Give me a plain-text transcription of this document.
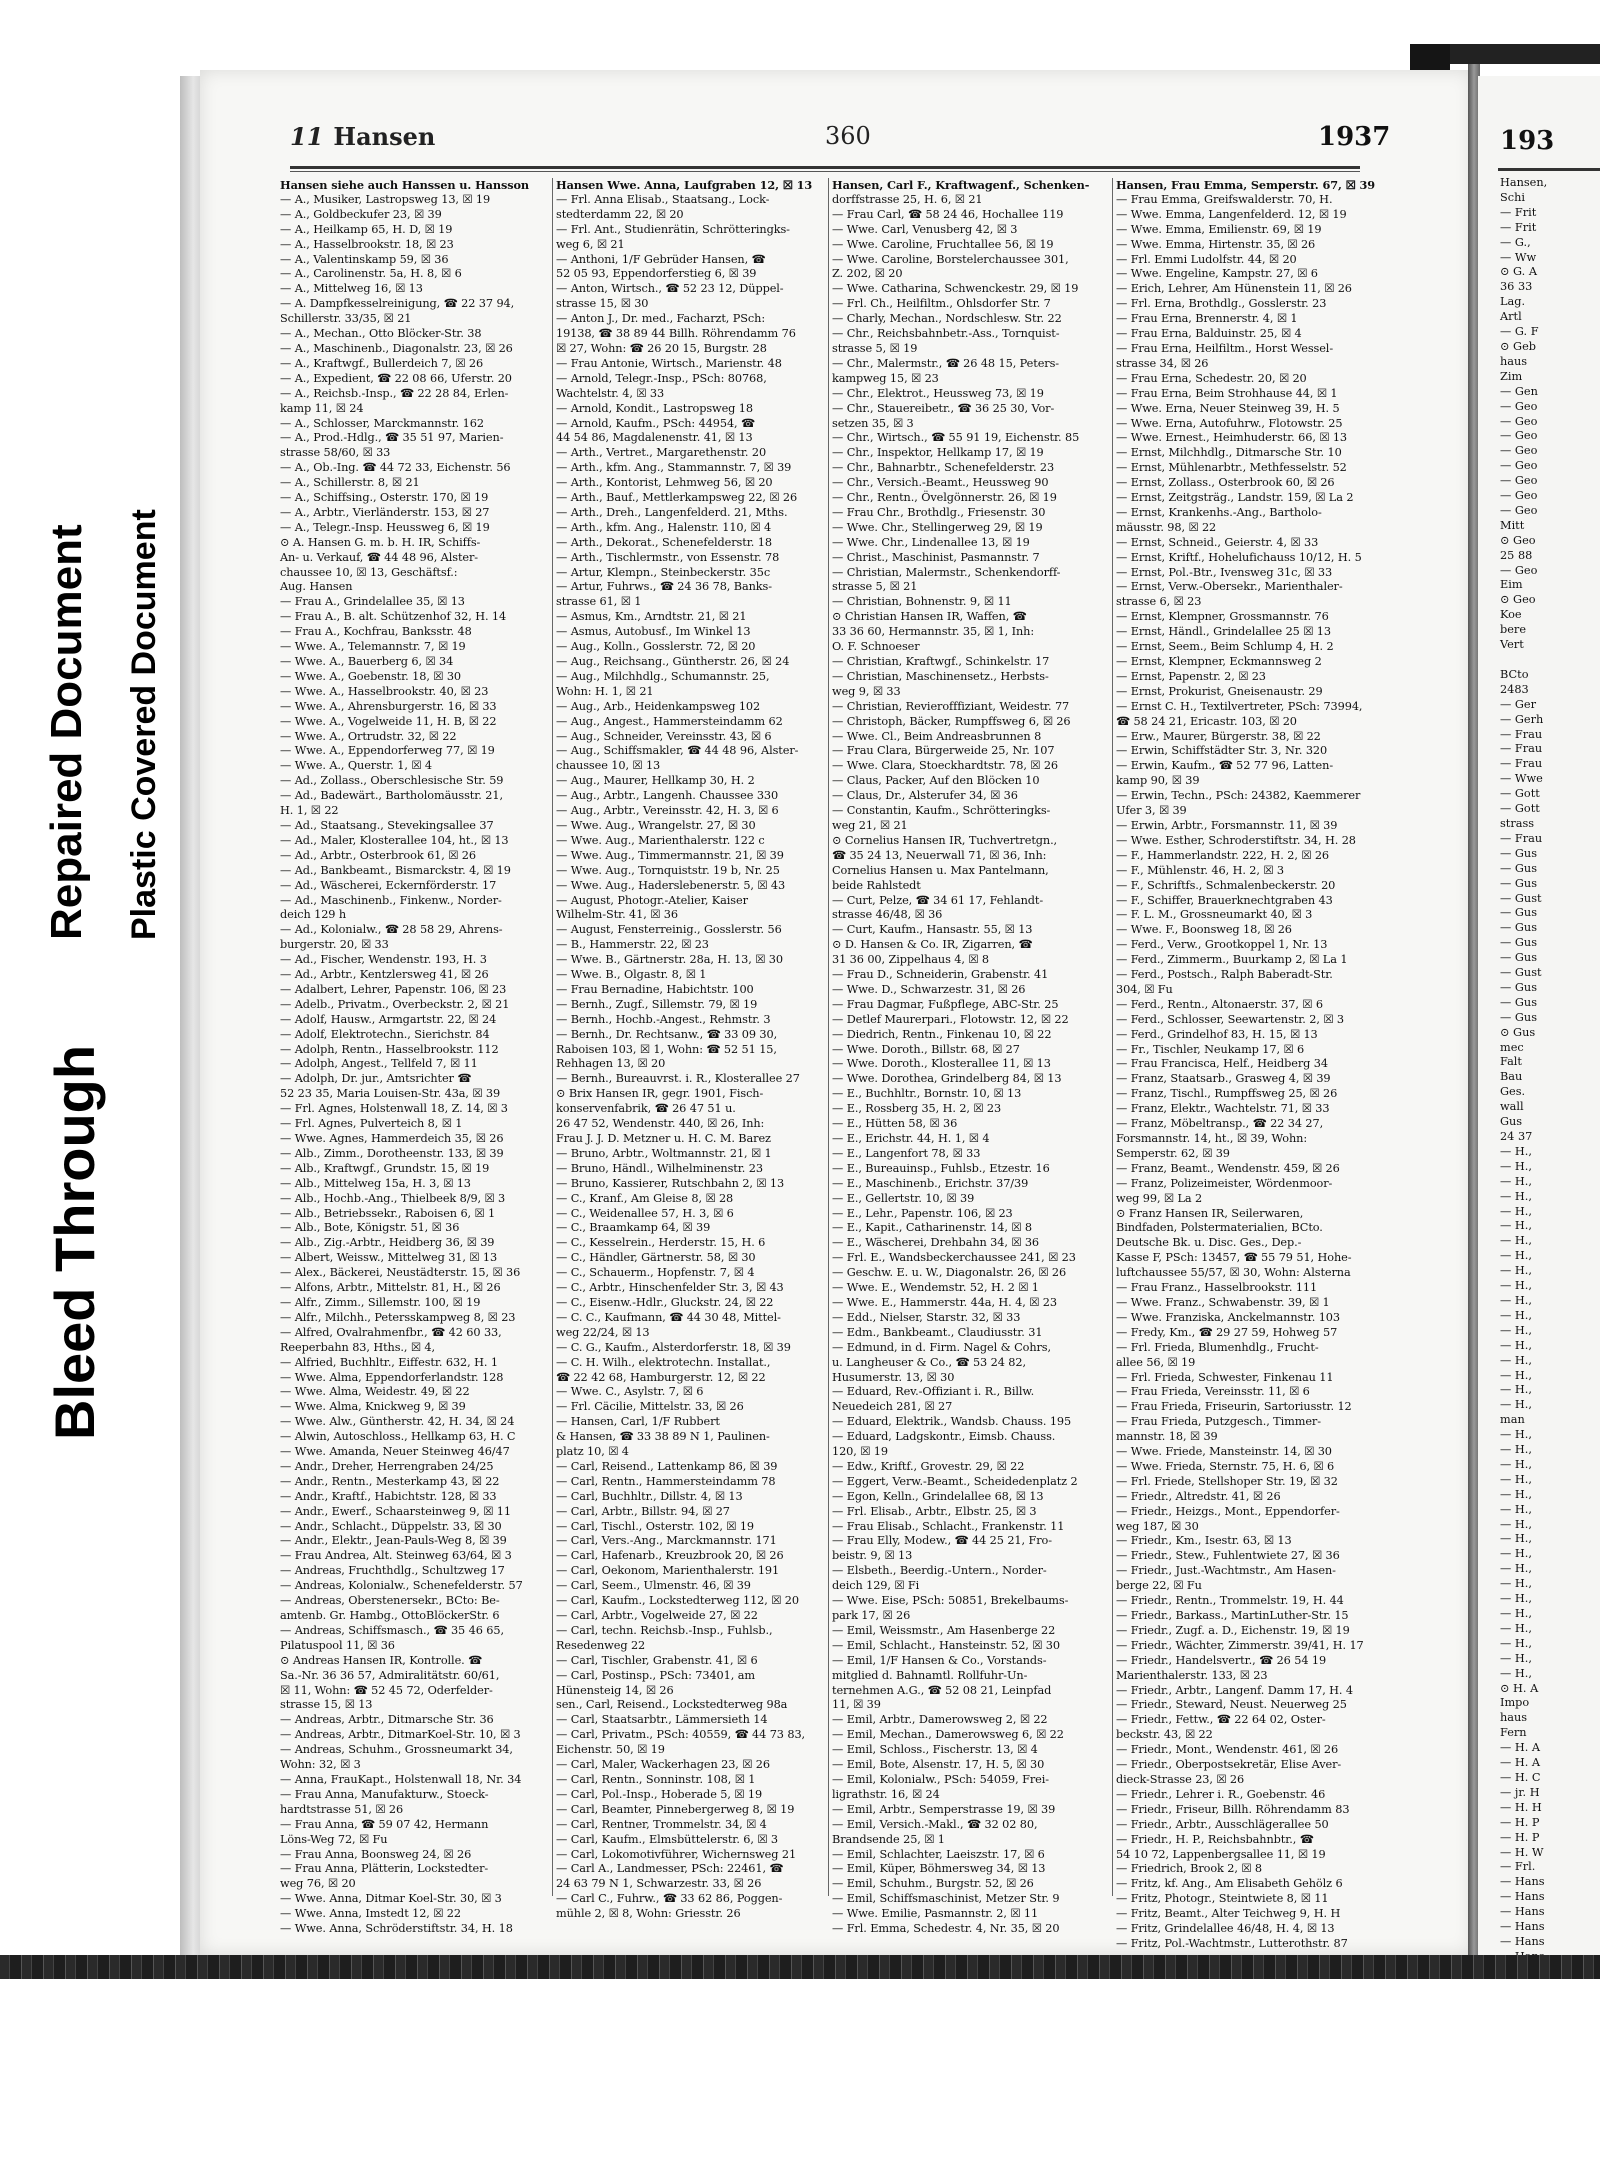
Bleed Through
Repaired Document Plastic Covered Document
11 Hansen	360	1937
Hansen siehe auch Hanssen u. Hansson
— A., Musiker, Lastropsweg 13, ☒ 19
— A., Goldbeckufer 23, ☒ 39
— A., Heilkamp 65, H. D, ☒ 19
— A., Hasselbrookstr. 18, ☒ 23
— A., Valentinskamp 59, ☒ 36
— A., Carolinenstr. 5a, H. 8, ☒ 6
— A., Mittelweg 16, ☒ 13
— A. Dampfkesselreinigung, ☎ 22 37 94,
Schillerstr. 33/35, ☒ 21
— A., Mechan., Otto Blöcker-Str. 38
— A., Maschinenb., Diagonalstr. 23, ☒ 26
— A., Kraftwgf., Bullerdeich 7, ☒ 26
— A., Expedient, ☎ 22 08 66, Uferstr. 20
— A., Reichsb.-Insp., ☎ 22 28 84, Erlen-
kamp 11, ☒ 24
— A., Schlosser, Marckmannstr. 162
— A., Prod.-Hdlg., ☎ 35 51 97, Marien-
strasse 58/60, ☒ 33
— A., Ob.-Ing. ☎ 44 72 33, Eichenstr. 56
— A., Schillerstr. 8, ☒ 21
— A., Schiffsing., Osterstr. 170, ☒ 19
— A., Arbtr., Vierländerstr. 153, ☒ 27
— A., Telegr.-Insp. Heussweg 6, ☒ 19
⊙ A. Hansen G. m. b. H. IR, Schiffs-
An- u. Verkauf, ☎ 44 48 96, Alster-
chaussee 10, ☒ 13, Geschäftsf.:
Aug. Hansen
— Frau A., Grindelallee 35, ☒ 13
— Frau A., B. alt. Schützenhof 32, H. 14
— Frau A., Kochfrau, Banksstr. 48
— Wwe. A., Telemannstr. 7, ☒ 19
— Wwe. A., Bauerberg 6, ☒ 34
— Wwe. A., Goebenstr. 18, ☒ 30
— Wwe. A., Hasselbrookstr. 40, ☒ 23
— Wwe. A., Ahrensburgerstr. 16, ☒ 33
— Wwe. A., Vogelweide 11, H. B, ☒ 22
— Wwe. A., Ortrudstr. 32, ☒ 22
— Wwe. A., Eppendorferweg 77, ☒ 19
— Wwe. A., Querstr. 1, ☒ 4
— Ad., Zollass., Oberschlesische Str. 59
— Ad., Badewärt., Bartholomäusstr. 21,
H. 1, ☒ 22
— Ad., Staatsang., Stevekingsallee 37
— Ad., Maler, Klosterallee 104, ht., ☒ 13
— Ad., Arbtr., Osterbrook 61, ☒ 26
— Ad., Bankbeamt., Bismarckstr. 4, ☒ 19
— Ad., Wäscherei, Eckernförderstr. 17
— Ad., Maschinenb., Finkenw., Norder-
deich 129 h
— Ad., Kolonialw., ☎ 28 58 29, Ahrens-
burgerstr. 20, ☒ 33
— Ad., Fischer, Wendenstr. 193, H. 3
— Ad., Arbtr., Kentzlersweg 41, ☒ 26
— Adalbert, Lehrer, Papenstr. 106, ☒ 23
— Adelb., Privatm., Overbeckstr. 2, ☒ 21
— Adolf, Hausw., Armgartstr. 22, ☒ 24
— Adolf, Elektrotechn., Sierichstr. 84
— Adolph, Rentn., Hasselbrookstr. 112
— Adolph, Angest., Tellfeld 7, ☒ 11
— Adolph, Dr. jur., Amtsrichter ☎
52 23 35, Maria Louisen-Str. 43a, ☒ 39
— Frl. Agnes, Holstenwall 18, Z. 14, ☒ 3
— Frl. Agnes, Pulverteich 8, ☒ 1
— Wwe. Agnes, Hammerdeich 35, ☒ 26
— Alb., Zimm., Dorotheenstr. 133, ☒ 39
— Alb., Kraftwgf., Grundstr. 15, ☒ 19
— Alb., Mittelweg 15a, H. 3, ☒ 13
— Alb., Hochb.-Ang., Thielbeek 8/9, ☒ 3
— Alb., Betriebssekr., Raboisen 6, ☒ 1
— Alb., Bote, Königstr. 51, ☒ 36
— Alb., Zig.-Arbtr., Heidberg 36, ☒ 39
— Albert, Weissw., Mittelweg 31, ☒ 13
— Alex., Bäckerei, Neustädterstr. 15, ☒ 36
— Alfons, Arbtr., Mittelstr. 81, H., ☒ 26
— Alfr., Zimm., Sillemstr. 100, ☒ 19
— Alfr., Milchh., Petersskampweg 8, ☒ 23
— Alfred, Ovalrahmenfbr., ☎ 42 60 33,
Reeperbahn 83, Hths., ☒ 4,
— Alfried, Buchhltr., Eiffestr. 632, H. 1
— Wwe. Alma, Eppendorferlandstr. 128
— Wwe. Alma, Weidestr. 49, ☒ 22
— Wwe. Alma, Knickweg 9, ☒ 39
— Wwe. Alw., Güntherstr. 42, H. 34, ☒ 24
— Alwin, Autoschloss., Hellkamp 63, H. C
— Wwe. Amanda, Neuer Steinweg 46/47
— Andr., Dreher, Herrengraben 24/25
— Andr., Rentn., Mesterkamp 43, ☒ 22
— Andr., Kraftf., Habichtstr. 128, ☒ 33
— Andr., Ewerf., Schaarsteinweg 9, ☒ 11
— Andr., Schlacht., Düppelstr. 33, ☒ 30
— Andr., Elektr., Jean-Pauls-Weg 8, ☒ 39
— Frau Andrea, Alt. Steinweg 63/64, ☒ 3
— Andreas, Fruchthdlg., Schultzweg 17
— Andreas, Kolonialw., Schenefelderstr. 57
— Andreas, Oberstenersekr., BCto: Be-
amtenb. Gr. Hambg., OttoBlöckerStr. 6
— Andreas, Schiffsmasch., ☎ 35 46 65,
Pilatuspool 11, ☒ 36
⊙ Andreas Hansen IR, Kontrolle. ☎
Sa.-Nr. 36 36 57, Admiralitätstr. 60/61,
☒ 11, Wohn: ☎ 52 45 72, Oderfelder-
strasse 15, ☒ 13
— Andreas, Arbtr., Ditmarsche Str. 36
— Andreas, Arbtr., DitmarKoel-Str. 10, ☒ 3
— Andreas, Schuhm., Grossneumarkt 34,
Wohn: 32, ☒ 3
— Anna, FrauKapt., Holstenwall 18, Nr. 34
— Frau Anna, Manufakturw., Stoeck-
hardtstrasse 51, ☒ 26
— Frau Anna, ☎ 59 07 42, Hermann
Löns-Weg 72, ☒ Fu
— Frau Anna, Boonsweg 24, ☒ 26
— Frau Anna, Plätterin, Lockstedter-
weg 76, ☒ 20
— Wwe. Anna, Ditmar Koel-Str. 30, ☒ 3
— Wwe. Anna, Imstedt 12, ☒ 22
— Wwe. Anna, Schröderstiftstr. 34, H. 18
Hansen Wwe. Anna, Laufgraben 12, ☒ 13
— Frl. Anna Elisab., Staatsang., Lock-
stedterdamm 22, ☒ 20
— Frl. Ant., Studienrätin, Schrötteringks-
weg 6, ☒ 21
— Anthoni, 1/F Gebrüder Hansen, ☎
52 05 93, Eppendorferstieg 6, ☒ 39
— Anton, Wirtsch., ☎ 52 23 12, Düppel-
strasse 15, ☒ 30
— Anton J., Dr. med., Facharzt, PSch:
19138, ☎ 38 89 44 Billh. Röhrendamm 76
☒ 27, Wohn: ☎ 26 20 15, Burgstr. 28
— Frau Antonie, Wirtsch., Marienstr. 48
— Arnold, Telegr.-Insp., PSch: 80768,
Wachtelstr. 4, ☒ 33
— Arnold, Kondit., Lastropsweg 18
— Arnold, Kaufm., PSch: 44954, ☎
44 54 86, Magdalenenstr. 41, ☒ 13
— Arth., Vertret., Margarethenstr. 20
— Arth., kfm. Ang., Stammannstr. 7, ☒ 39
— Arth., Kontorist, Lehmweg 56, ☒ 20
— Arth., Bauf., Mettlerkampsweg 22, ☒ 26
— Arth., Dreh., Langenfelderd. 21, Mths.
— Arth., kfm. Ang., Halenstr. 110, ☒ 4
— Arth., Dekorat., Schenefelderstr. 18
— Arth., Tischlermstr., von Essenstr. 78
— Artur, Klempn., Steinbeckerstr. 35c
— Artur, Fuhrws., ☎ 24 36 78, Banks-
strasse 61, ☒ 1
— Asmus, Km., Arndtstr. 21, ☒ 21
— Asmus, Autobusf., Im Winkel 13
— Aug., Kolln., Gosslerstr. 72, ☒ 20
— Aug., Reichsang., Güntherstr. 26, ☒ 24
— Aug., Milchhdlg., Schumannstr. 25,
Wohn: H. 1, ☒ 21
— Aug., Arb., Heidenkampsweg 102
— Aug., Angest., Hammersteindamm 62
— Aug., Schneider, Vereinsstr. 43, ☒ 6
— Aug., Schiffsmakler, ☎ 44 48 96, Alster-
chaussee 10, ☒ 13
— Aug., Maurer, Hellkamp 30, H. 2
— Aug., Arbtr., Langenh. Chaussee 330
— Aug., Arbtr., Vereinsstr. 42, H. 3, ☒ 6
— Wwe. Aug., Wrangelstr. 27, ☒ 30
— Wwe. Aug., Marienthalerstr. 122 c
— Wwe. Aug., Timmermannstr. 21, ☒ 39
— Wwe. Aug., Tornquiststr. 19 b, Nr. 25
— Wwe. Aug., Haderslebenerstr. 5, ☒ 43
— August, Photogr.-Atelier, Kaiser
Wilhelm-Str. 41, ☒ 36
— August, Fensterreinig., Gosslerstr. 56
— B., Hammerstr. 22, ☒ 23
— Wwe. B., Gärtnerstr. 28a, H. 13, ☒ 30
— Wwe. B., Olgastr. 8, ☒ 1
— Frau Bernadine, Habichtstr. 100
— Bernh., Zugf., Sillemstr. 79, ☒ 19
— Bernh., Hochb.-Angest., Rehmstr. 3
— Bernh., Dr. Rechtsanw., ☎ 33 09 30,
Raboisen 103, ☒ 1, Wohn: ☎ 52 51 15,
Rehhagen 13, ☒ 20
— Bernh., Bureauvrst. i. R., Klosterallee 27
⊙ Brix Hansen IR, gegr. 1901, Fisch-
konservenfabrik, ☎ 26 47 51 u.
26 47 52, Wendenstr. 440, ☒ 26, Inh:
Frau J. J. D. Metzner u. H. C. M. Barez
— Bruno, Arbtr., Woltmannstr. 21, ☒ 1
— Bruno, Händl., Wilhelminenstr. 23
— Bruno, Kassierer, Rutschbahn 2, ☒ 13
— C., Kranf., Am Gleise 8, ☒ 28
— C., Weidenallee 57, H. 3, ☒ 6
— C., Braamkamp 64, ☒ 39
— C., Kesselrein., Herderstr. 15, H. 6
— C., Händler, Gärtnerstr. 58, ☒ 30
— C., Schauerm., Hopfenstr. 7, ☒ 4
— C., Arbtr., Hinschenfelder Str. 3, ☒ 43
— C., Eisenw.-Hdlr., Gluckstr. 24, ☒ 22
— C. C., Kaufmann, ☎ 44 30 48, Mittel-
weg 22/24, ☒ 13
— C. G., Kaufm., Alsterdorferstr. 18, ☒ 39
— C. H. Wilh., elektrotechn. Installat.,
☎ 22 42 68, Hamburgerstr. 12, ☒ 22
— Wwe. C., Asylstr. 7, ☒ 6
— Frl. Cäcilie, Mittelstr. 33, ☒ 26
— Hansen, Carl, 1/F Rubbert
& Hansen, ☎ 33 38 89 N 1, Paulinen-
platz 10, ☒ 4
— Carl, Reisend., Lattenkamp 86, ☒ 39
— Carl, Rentn., Hammersteindamm 78
— Carl, Buchhltr., Dillstr. 4, ☒ 13
— Carl, Arbtr., Billstr. 94, ☒ 27
— Carl, Tischl., Osterstr. 102, ☒ 19
— Carl, Vers.-Ang., Marckmannstr. 171
— Carl, Hafenarb., Kreuzbrook 20, ☒ 26
— Carl, Oekonom, Marienthalerstr. 191
— Carl, Seem., Ulmenstr. 46, ☒ 39
— Carl, Kaufm., Lockstedterweg 112, ☒ 20
— Carl, Arbtr., Vogelweide 27, ☒ 22
— Carl, techn. Reichsb.-Insp., Fuhlsb.,
Resedenweg 22
— Carl, Tischler, Grabenstr. 41, ☒ 6
— Carl, Postinsp., PSch: 73401, am
Hünensteig 14, ☒ 26
sen., Carl, Reisend., Lockstedterweg 98a
— Carl, Staatsarbtr., Lämmersieth 14
— Carl, Privatm., PSch: 40559, ☎ 44 73 83,
Eichenstr. 50, ☒ 19
— Carl, Maler, Wackerhagen 23, ☒ 26
— Carl, Rentn., Sonninstr. 108, ☒ 1
— Carl, Pol.-Insp., Hoberade 5, ☒ 19
— Carl, Beamter, Pinnebergerweg 8, ☒ 19
— Carl, Rentner, Trommelstr. 34, ☒ 4
— Carl, Kaufm., Elmsbüttelerstr. 6, ☒ 3
— Carl, Lokomotivführer, Wichernsweg 21
— Carl A., Landmesser, PSch: 22461, ☎
24 63 79 N 1, Schwarzestr. 33, ☒ 26
— Carl C., Fuhrw., ☎ 33 62 86, Poggen-
mühle 2, ☒ 8, Wohn: Griesstr. 26
Hansen, Carl F., Kraftwagenf., Schenken-
dorffstrasse 25, H. 6, ☒ 21
— Frau Carl, ☎ 58 24 46, Hochallee 119
— Wwe. Carl, Venusberg 42, ☒ 3
— Wwe. Caroline, Fruchtallee 56, ☒ 19
— Wwe. Caroline, Borstelerchaussee 301,
Z. 202, ☒ 20
— Wwe. Catharina, Schwenckestr. 29, ☒ 19
— Frl. Ch., Heilfiltm., Ohlsdorfer Str. 7
— Charly, Mechan., Nordschlesw. Str. 22
— Chr., Reichsbahnbetr.-Ass., Tornquist-
strasse 5, ☒ 19
— Chr., Malermstr., ☎ 26 48 15, Peters-
kampweg 15, ☒ 23
— Chr., Elektrot., Heussweg 73, ☒ 19
— Chr., Stauereibetr., ☎ 36 25 30, Vor-
setzen 35, ☒ 3
— Chr., Wirtsch., ☎ 55 91 19, Eichenstr. 85
— Chr., Inspektor, Hellkamp 17, ☒ 19
— Chr., Bahnarbtr., Schenefelderstr. 23
— Chr., Versich.-Beamt., Heussweg 90
— Chr., Rentn., Övelgönnerstr. 26, ☒ 19
— Frau Chr., Brothdlg., Friesenstr. 30
— Wwe. Chr., Stellingerweg 29, ☒ 19
— Wwe. Chr., Lindenallee 13, ☒ 19
— Christ., Maschinist, Pasmannstr. 7
— Christian, Malermstr., Schenkendorff-
strasse 5, ☒ 21
— Christian, Bohnenstr. 9, ☒ 11
⊙ Christian Hansen IR, Waffen, ☎
33 36 60, Hermannstr. 35, ☒ 1, Inh:
O. F. Schnoeser
— Christian, Kraftwgf., Schinkelstr. 17
— Christian, Maschinensetz., Herbsts-
weg 9, ☒ 33
— Christian, Revierofffiziant, Weidestr. 77
— Christoph, Bäcker, Rumpffsweg 6, ☒ 26
— Wwe. Cl., Beim Andreasbrunnen 8
— Frau Clara, Bürgerweide 25, Nr. 107
— Wwe. Clara, Stoeckhardtstr. 78, ☒ 26
— Claus, Packer, Auf den Blöcken 10
— Claus, Dr., Alsterufer 34, ☒ 36
— Constantin, Kaufm., Schrötteringks-
weg 21, ☒ 21
⊙ Cornelius Hansen IR, Tuchvertretgn.,
☎ 35 24 13, Neuerwall 71, ☒ 36, Inh:
Cornelius Hansen u. Max Pantelmann,
beide Rahlstedt
— Curt, Pelze, ☎ 34 61 17, Fehlandt-
strasse 46/48, ☒ 36
— Curt, Kaufm., Hansastr. 55, ☒ 13
⊙ D. Hansen & Co. IR, Zigarren, ☎
31 36 00, Zippelhaus 4, ☒ 8
— Frau D., Schneiderin, Grabenstr. 41
— Wwe. D., Schwarzestr. 31, ☒ 26
— Frau Dagmar, Fußpflege, ABC-Str. 25
— Detlef Maurerpari., Flotowstr. 12, ☒ 22
— Diedrich, Rentn., Finkenau 10, ☒ 22
— Wwe. Doroth., Billstr. 68, ☒ 27
— Wwe. Doroth., Klosterallee 11, ☒ 13
— Wwe. Dorothea, Grindelberg 84, ☒ 13
— E., Buchhltr., Bornstr. 10, ☒ 13
— E., Rossberg 35, H. 2, ☒ 23
— E., Hütten 58, ☒ 36
— E., Erichstr. 44, H. 1, ☒ 4
— E., Langenfort 78, ☒ 33
— E., Bureauinsp., Fuhlsb., Etzestr. 16
— E., Maschinenb., Erichstr. 37/39
— E., Gellertstr. 10, ☒ 39
— E., Lehr., Papenstr. 106, ☒ 23
— E., Kapit., Catharinenstr. 14, ☒ 8
— E., Wäscherei, Drehbahn 34, ☒ 36
— Frl. E., Wandsbeckerchaussee 241, ☒ 23
— Geschw. E. u. W., Diagonalstr. 26, ☒ 26
— Wwe. E., Wendemstr. 52, H. 2 ☒ 1
— Wwe. E., Hammerstr. 44a, H. 4, ☒ 23
— Edd., Nielser, Starstr. 32, ☒ 33
— Edm., Bankbeamt., Claudiusstr. 31
— Edmund, in d. Firm. Nagel & Cohrs,
u. Langheuser & Co., ☎ 53 24 82,
Husumerstr. 13, ☒ 30
— Eduard, Rev.-Offiziant i. R., Billw.
Neuedeich 281, ☒ 27
— Eduard, Elektrik., Wandsb. Chauss. 195
— Eduard, Ladgskontr., Eimsb. Chauss.
120, ☒ 19
— Edw., Kriftf., Grovestr. 29, ☒ 22
— Eggert, Verw.-Beamt., Scheidedenplatz 2
— Egon, Kelln., Grindelallee 68, ☒ 13
— Frl. Elisab., Arbtr., Elbstr. 25, ☒ 3
— Frau Elisab., Schlacht., Frankenstr. 11
— Frau Elly, Modew., ☎ 44 25 21, Fro-
beistr. 9, ☒ 13
— Elsbeth., Beerdig.-Untern., Norder-
deich 129, ☒ Fi
— Wwe. Eise, PSch: 50851, Brekelbaums-
park 17, ☒ 26
— Emil, Weissmstr., Am Hasenberge 22
— Emil, Schlacht., Hansteinstr. 52, ☒ 30
— Emil, 1/F Hansen & Co., Vorstands-
mitglied d. Bahnamtl. Rollfuhr-Un-
ternehmen A.G., ☎ 52 08 21, Leinpfad
11, ☒ 39
— Emil, Arbtr., Damerowsweg 2, ☒ 22
— Emil, Mechan., Damerowsweg 6, ☒ 22
— Emil, Schloss., Fischerstr. 13, ☒ 4
— Emil, Bote, Alsenstr. 17, H. 5, ☒ 30
— Emil, Kolonialw., PSch: 54059, Frei-
ligrathstr. 16, ☒ 24
— Emil, Arbtr., Semperstrasse 19, ☒ 39
— Emil, Versich.-Makl., ☎ 32 02 80,
Brandsende 25, ☒ 1
— Emil, Schlachter, Laeiszstr. 17, ☒ 6
— Emil, Küper, Böhmersweg 34, ☒ 13
— Emil, Schuhm., Burgstr. 52, ☒ 26
— Emil, Schiffsmaschinist, Metzer Str. 9
— Wwe. Emilie, Pasmannstr. 2, ☒ 11
— Frl. Emma, Schedestr. 4, Nr. 35, ☒ 20
Hansen, Frau Emma, Semperstr. 67, ☒ 39
— Frau Emma, Greifswalderstr. 70, H.
— Wwe. Emma, Langenfelderd. 12, ☒ 19
— Wwe. Emma, Emilienstr. 69, ☒ 19
— Wwe. Emma, Hirtenstr. 35, ☒ 26
— Frl. Emmi Ludolfstr. 44, ☒ 20
— Wwe. Engeline, Kampstr. 27, ☒ 6
— Erich, Lehrer, Am Hünenstein 11, ☒ 26
— Frl. Erna, Brothdlg., Gosslerstr. 23
— Frau Erna, Brennerstr. 4, ☒ 1
— Frau Erna, Balduinstr. 25, ☒ 4
— Frau Erna, Heilfiltm., Horst Wessel-
strasse 34, ☒ 26
— Frau Erna, Schedestr. 20, ☒ 20
— Frau Erna, Beim Strohhause 44, ☒ 1
— Wwe. Erna, Neuer Steinweg 39, H. 5
— Wwe. Erna, Autofuhrw., Flotowstr. 25
— Wwe. Ernest., Heimhuderstr. 66, ☒ 13
— Ernst, Milchhdlg., Ditmarsche Str. 10
— Ernst, Mühlenarbtr., Methfesselstr. 52
— Ernst, Zollass., Osterbrook 60, ☒ 26
— Ernst, Zeitgsträg., Landstr. 159, ☒ La 2
— Ernst, Krankenhs.-Ang., Bartholo-
mäusstr. 98, ☒ 22
— Ernst, Schneid., Geierstr. 4, ☒ 33
— Ernst, Kriftf., Hohelufichauss 10/12, H. 5
— Ernst, Pol.-Btr., Ivensweg 31c, ☒ 33
— Ernst, Verw.-Obersekr., Marienthaler-
strasse 6, ☒ 23
— Ernst, Klempner, Grossmannstr. 76
— Ernst, Händl., Grindelallee 25 ☒ 13
— Ernst, Seem., Beim Schlump 4, H. 2
— Ernst, Klempner, Eckmannsweg 2
— Ernst, Papenstr. 2, ☒ 23
— Ernst, Prokurist, Gneisenaustr. 29
— Ernst C. H., Textilvertreter, PSch: 73994,
☎ 58 24 21, Ericastr. 103, ☒ 20
— Erw., Maurer, Bürgerstr. 38, ☒ 22
— Erwin, Schiffstädter Str. 3, Nr. 320
— Erwin, Kaufm., ☎ 52 77 96, Latten-
kamp 90, ☒ 39
— Erwin, Techn., PSch: 24382, Kaemmerer
Ufer 3, ☒ 39
— Erwin, Arbtr., Forsmannstr. 11, ☒ 39
— Wwe. Esther, Schroderstiftstr. 34, H. 28
— F., Hammerlandstr. 222, H. 2, ☒ 26
— F., Mühlenstr. 46, H. 2, ☒ 3
— F., Schriftfs., Schmalenbeckerstr. 20
— F., Schiffer, Brauerknechtgraben 43
— F. L. M., Grossneumarkt 40, ☒ 3
— Wwe. F., Boonsweg 18, ☒ 26
— Ferd., Verw., Grootkoppel 1, Nr. 13
— Ferd., Zimmerm., Buurkamp 2, ☒ La 1
— Ferd., Postsch., Ralph Baberadt-Str.
304, ☒ Fu
— Ferd., Rentn., Altonaerstr. 37, ☒ 6
— Ferd., Schlosser, Seewartenstr. 2, ☒ 3
— Ferd., Grindelhof 83, H. 15, ☒ 13
— Fr., Tischler, Neukamp 17, ☒ 6
— Frau Francisca, Helf., Heidberg 34
— Franz, Staatsarb., Grasweg 4, ☒ 39
— Franz, Tischl., Rumpffsweg 25, ☒ 26
— Franz, Elektr., Wachtelstr. 71, ☒ 33
— Franz, Möbeltransp., ☎ 22 34 27,
Forsmannstr. 14, ht., ☒ 39, Wohn:
Semperstr. 62, ☒ 39
— Franz, Beamt., Wendenstr. 459, ☒ 26
— Franz, Polizeimeister, Wördenmoor-
weg 99, ☒ La 2
⊙ Franz Hansen IR, Seilerwaren,
Bindfaden, Polstermaterialien, BCto.
Deutsche Bk. u. Disc. Ges., Dep.-
Kasse F, PSch: 13457, ☎ 55 79 51, Hohe-
luftchaussee 55/57, ☒ 30, Wohn: Alsterna
— Frau Franz., Hasselbrookstr. 111
— Wwe. Franz., Schwabenstr. 39, ☒ 1
— Wwe. Franziska, Anckelmannstr. 103
— Fredy, Km., ☎ 29 27 59, Hohweg 57
— Frl. Frieda, Blumenhdlg., Frucht-
allee 56, ☒ 19
— Frl. Frieda, Schwester, Finkenau 11
— Frau Frieda, Vereinsstr. 11, ☒ 6
— Frau Frieda, Friseurin, Sartoriusstr. 12
— Frau Frieda, Putzgesch., Timmer-
mannstr. 18, ☒ 39
— Wwe. Friede, Mansteinstr. 14, ☒ 30
— Wwe. Frieda, Sternstr. 75, H. 6, ☒ 6
— Frl. Friede, Stellshoper Str. 19, ☒ 32
— Friedr., Altredstr. 41, ☒ 26
— Friedr., Heizgs., Mont., Eppendorfer-
weg 187, ☒ 30
— Friedr., Km., Isestr. 63, ☒ 13
— Friedr., Stew., Fuhlentwiete 27, ☒ 36
— Friedr., Just.-Wachtmstr., Am Hasen-
berge 22, ☒ Fu
— Friedr., Rentn., Trommelstr. 19, H. 44
— Friedr., Barkass., MartinLuther-Str. 15
— Friedr., Zugf. a. D., Eichenstr. 19, ☒ 19
— Friedr., Wächter, Zimmerstr. 39/41, H. 17
— Friedr., Handelsvertr., ☎ 26 54 19
Marienthalerstr. 133, ☒ 23
— Friedr., Arbtr., Langenf. Damm 17, H. 4
— Friedr., Steward, Neust. Neuerweg 25
— Friedr., Fettw., ☎ 22 64 02, Oster-
beckstr. 43, ☒ 22
— Friedr., Mont., Wendenstr. 461, ☒ 26
— Friedr., Oberpostsekretär, Elise Aver-
dieck-Strasse 23, ☒ 26
— Friedr., Lehrer i. R., Goebenstr. 46
— Friedr., Friseur, Billh. Röhrendamm 83
— Friedr., Arbtr., Ausschlägerallee 50
— Friedr., H. P., Reichsbahnbtr., ☎
54 10 72, Lappenbergsallee 11, ☒ 19
— Friedrich, Brook 2, ☒ 8
— Fritz, kf. Ang., Am Elisabeth Gehölz 6
— Fritz, Photogr., Steintwiete 8, ☒ 11
— Fritz, Beamt., Alter Teichweg 9, H. H
— Fritz, Grindelallee 46/48, H. 4, ☒ 13
— Fritz, Pol.-Wachtmstr., Lutterothstr. 87
193
Hansen,
Schi
— Frit
— Frit
— G.,
— Ww
⊙ G. A
36 33
Lag.
Artl
— G. F
⊙ Geb
haus
Zim
— Gen
— Geo
— Geo
— Geo
— Geo
— Geo
— Geo
— Geo
— Geo
Mitt
⊙ Geo
25 88
— Geo
Eim
⊙ Geo
Koe
bere
Vert

BCto
2483
— Ger
— Gerh
— Frau
— Frau
— Frau
— Wwe
— Gott
— Gott
strass
— Frau
— Gus
— Gus
— Gus
— Gust
— Gus
— Gus
— Gus
— Gus
— Gust
— Gus
— Gus
— Gus
⊙ Gus
mec
Falt
Bau
Ges.
wall
Gus
24 37
— H.,
— H.,
— H.,
— H.,
— H.,
— H.,
— H.,
— H.,
— H.,
— H.,
— H.,
— H.,
— H.,
— H.,
— H.,
— H.,
— H.,
— H.,
man
— H.,
— H.,
— H.,
— H.,
— H.,
— H.,
— H.,
— H.,
— H.,
— H.,
— H.,
— H.,
— H.,
— H.,
— H.,
— H.,
— H.,
⊙ H. A
Impo
haus
Fern
— H. A
— H. A
— H. C
— jr. H
— H. H
— H. P
— H. P
— H. W
— Frl.
— Hans
— Hans
— Hans
— Hans
— Hans
